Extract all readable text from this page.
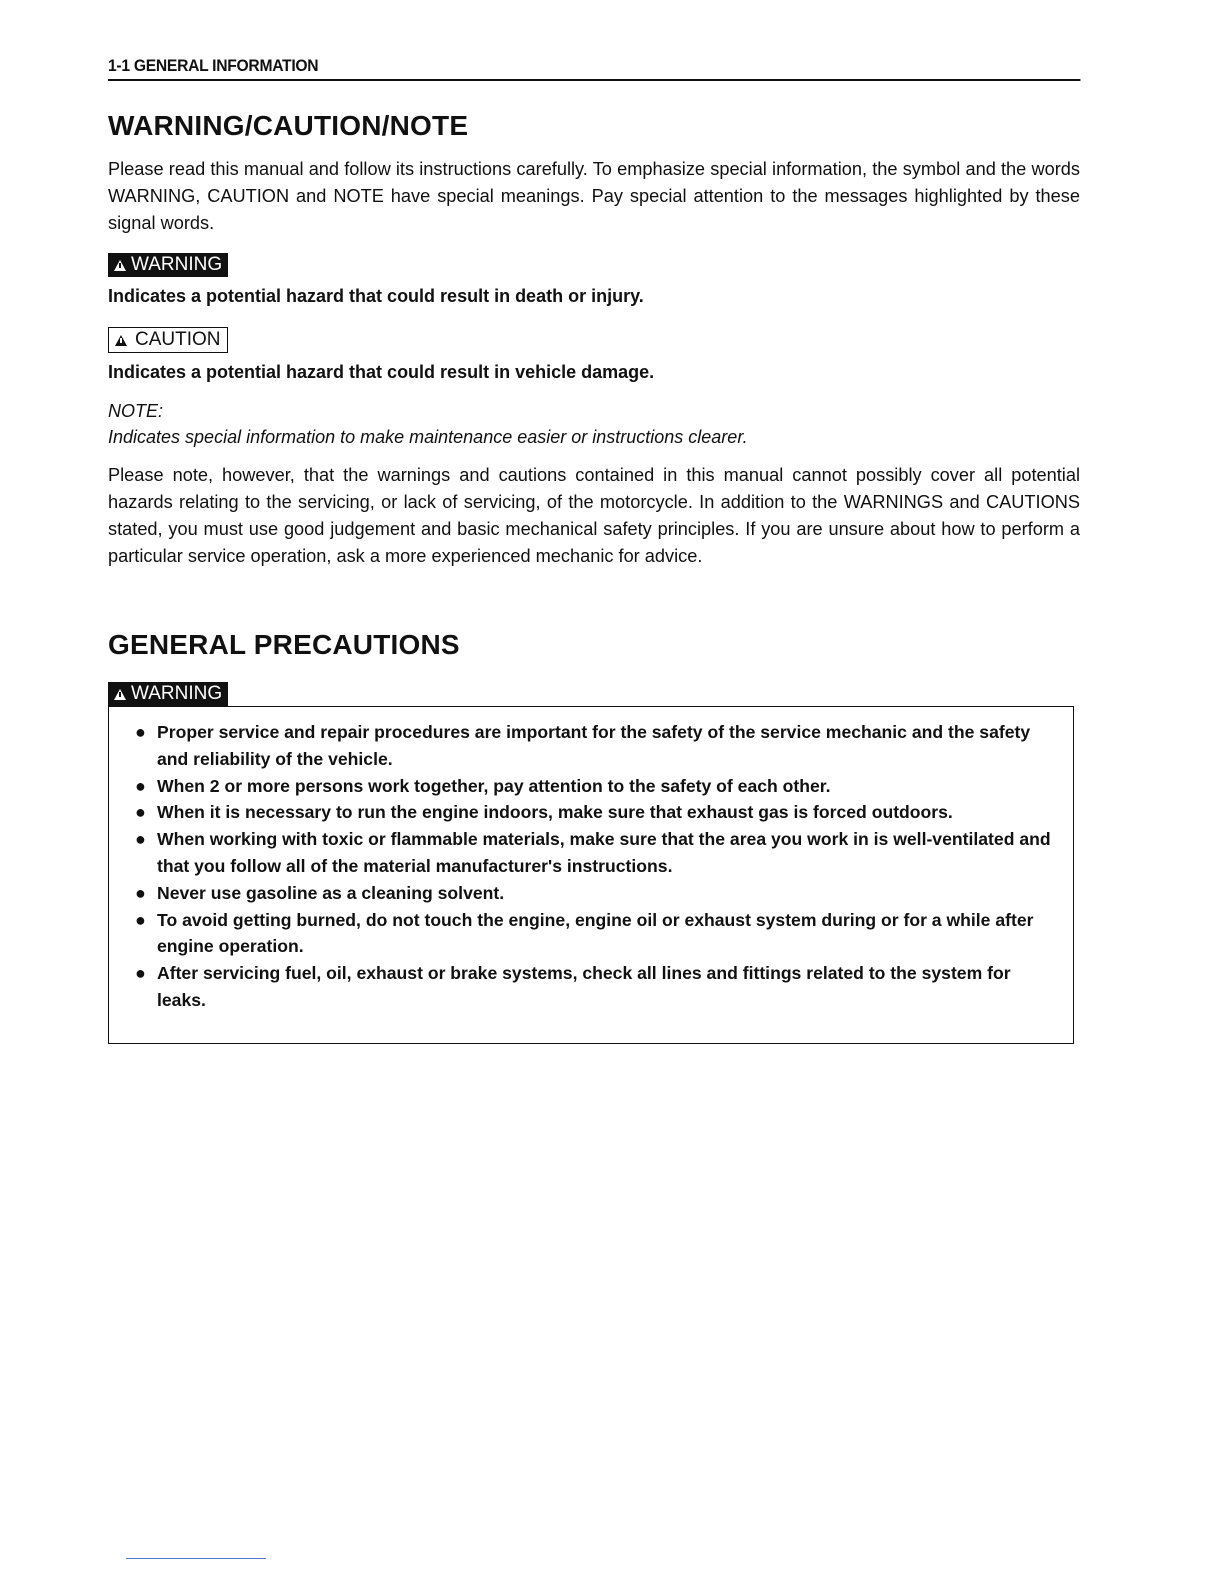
1-1 GENERAL INFORMATION
WARNING/CAUTION/NOTE
Please read this manual and follow its instructions carefully. To emphasize special information, the symbol and the words WARNING, CAUTION and NOTE have special meanings. Pay special attention to the messages highlighted by these signal words.
WARNING
Indicates a potential hazard that could result in death or injury.
CAUTION
Indicates a potential hazard that could result in vehicle damage.
NOTE:
Indicates special information to make maintenance easier or instructions clearer.
Please note, however, that the warnings and cautions contained in this manual cannot possibly cover all potential hazards relating to the servicing, or lack of servicing, of the motorcycle. In addition to the WARNINGS and CAUTIONS stated, you must use good judgement and basic mechanical safety principles. If you are unsure about how to perform a particular service operation, ask a more experienced mechanic for advice.
GENERAL PRECAUTIONS
WARNING
● Proper service and repair procedures are important for the safety of the service mechanic and the safety and reliability of the vehicle.
● When 2 or more persons work together, pay attention to the safety of each other.
● When it is necessary to run the engine indoors, make sure that exhaust gas is forced outdoors.
● When working with toxic or flammable materials, make sure that the area you work in is well-ventilated and that you follow all of the material manufacturer's instructions.
● Never use gasoline as a cleaning solvent.
● To avoid getting burned, do not touch the engine, engine oil or exhaust system during or for a while after engine operation.
● After servicing fuel, oil, exhaust or brake systems, check all lines and fittings related to the system for leaks.
